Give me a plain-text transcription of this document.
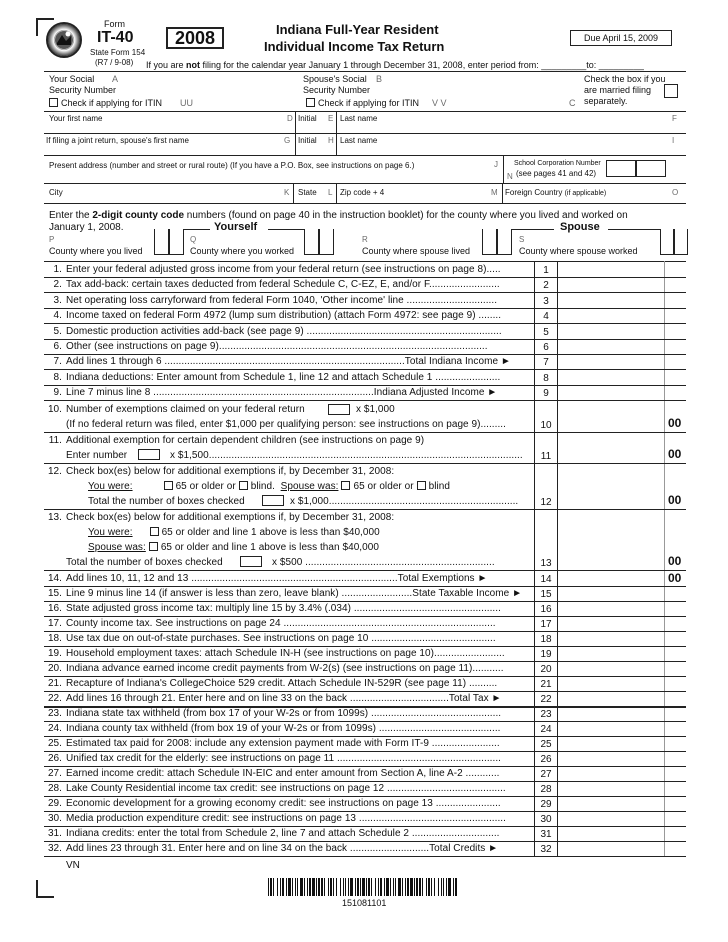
Form
IT-40
State Form 154
(R7 / 9-08)
2008	Indiana Full-Year Resident
Individual Income Tax Return
Due April 15, 2009
If you are not filing for the calendar year January 1 through December 31, 2008, enter period from: _________to: _________
Your Social
Security Number
A
Check if applying for ITIN UU
Spouse's Social
Security Number
B
Check if applying for ITIN V V
Check the box if you
are married filing
separately.
C
Your first name	D Initial E Last name	F
If filing a joint return, spouse's first name	G Initial H Last name	I
Present address (number and street or rural route) (If you have a P.O. Box, see instructions on page 6.)	J School Corporation Number
(see pages 41 and 42)
N
City	K State L Zip code + 4	M Foreign Country (if applicable)	O
Enter the 2-digit county code numbers (found on page 40 in the instruction booklet) for the county where you lived and worked on
January 1, 2008.	Yourself	Spouse
P	Q	R	S
County where you lived	County where you worked	County where spouse lived	County where spouse worked
1. Enter your federal adjusted gross income from your federal return (see instructions on page 8).....	1
2. Tax add-back: certain taxes deducted from federal Schedule C, C-EZ, E, and/or F.........................	2
3. Net operating loss carryforward from federal Form 1040, 'Other income' line ................................	3
4. Income taxed on federal Form 4972 (lump sum distribution) (attach Form 4972: see page 9) ........	4
5. Domestic production activities add-back (see page 9) .....................................................................	5
6. Other (see instructions on page 9)...............................................................................................	6
7. Add lines 1 through 6 .....................................................................................Total Indiana Income ►	7
8. Indiana deductions: Enter amount from Schedule 1, line 12 and attach Schedule 1 .......................	8
9. Line 7 minus line 8 ..............................................................................Indiana Adjusted Income ►	9
10. Number of exemptions claimed on your federal return	x $1,000
(If no federal return was filed, enter $1,000 per qualifying person: see instructions on page 9).........	10	00
11. Additional exemption for certain dependent children (see instructions on page 9)
Enter number	x $1,500...............................................................................................................	11	00
12. Check box(es) below for additional exemptions if, by December 31, 2008:
You were:	65 or older or blind. Spouse was: 65 or older or blind
Total the number of boxes checked	x $1,000...................................................................	12	00
13. Check box(es) below for additional exemptions if, by December 31, 2008:
You were:	65 or older and line 1 above is less than $40,000
Spouse was: 65 or older and line 1 above is less than $40,000
Total the number of boxes checked	x $500 ...................................................................	13	00
14. Add lines 10, 11, 12 and 13 .........................................................................Total Exemptions ►	14	00
15. Line 9 minus line 14 (if answer is less than zero, leave blank) .........................State Taxable Income ►	15
16. State adjusted gross income tax: multiply line 15 by 3.4% (.034) ....................................................	16
17. County income tax. See instructions on page 24 ...........................................................................	17
18. Use tax due on out-of-state purchases. See instructions on page 10 ............................................	18
19. Household employment taxes: attach Schedule IN-H (see instructions on page 10).........................	19
20. Indiana advance earned income credit payments from W-2(s) (see instructions on page 11)...........	20
21. Recapture of Indiana's CollegeChoice 529 credit. Attach Schedule IN-529R (see page 11) ..........	21
22. Add lines 16 through 21. Enter here and on line 33 on the back ...................................Total Tax ►	22
23. Indiana state tax withheld (from box 17 of your W-2s or from 1099s) ..............................................	23
24. Indiana county tax withheld (from box 19 of your W-2s or from 1099s) ...........................................	24
25. Estimated tax paid for 2008: include any extension payment made with Form IT-9 ........................	25
26. Unified tax credit for the elderly: see instructions on page 11 ..........................................................	26
27. Earned income credit: attach Schedule IN-EIC and enter amount from Section A, line A-2 ............	27
28. Lake County Residential income tax credit: see instructions on page 12 ..........................................	28
29. Economic development for a growing economy credit: see instructions on page 13 .......................	29
30. Media production expenditure credit: see instructions on page 13 ....................................................	30
31. Indiana credits: enter the total from Schedule 2, line 7 and attach Schedule 2 ...............................	31
32. Add lines 23 through 31. Enter here and on line 34 on the back ............................Total Credits ►	32
VN
151081101
